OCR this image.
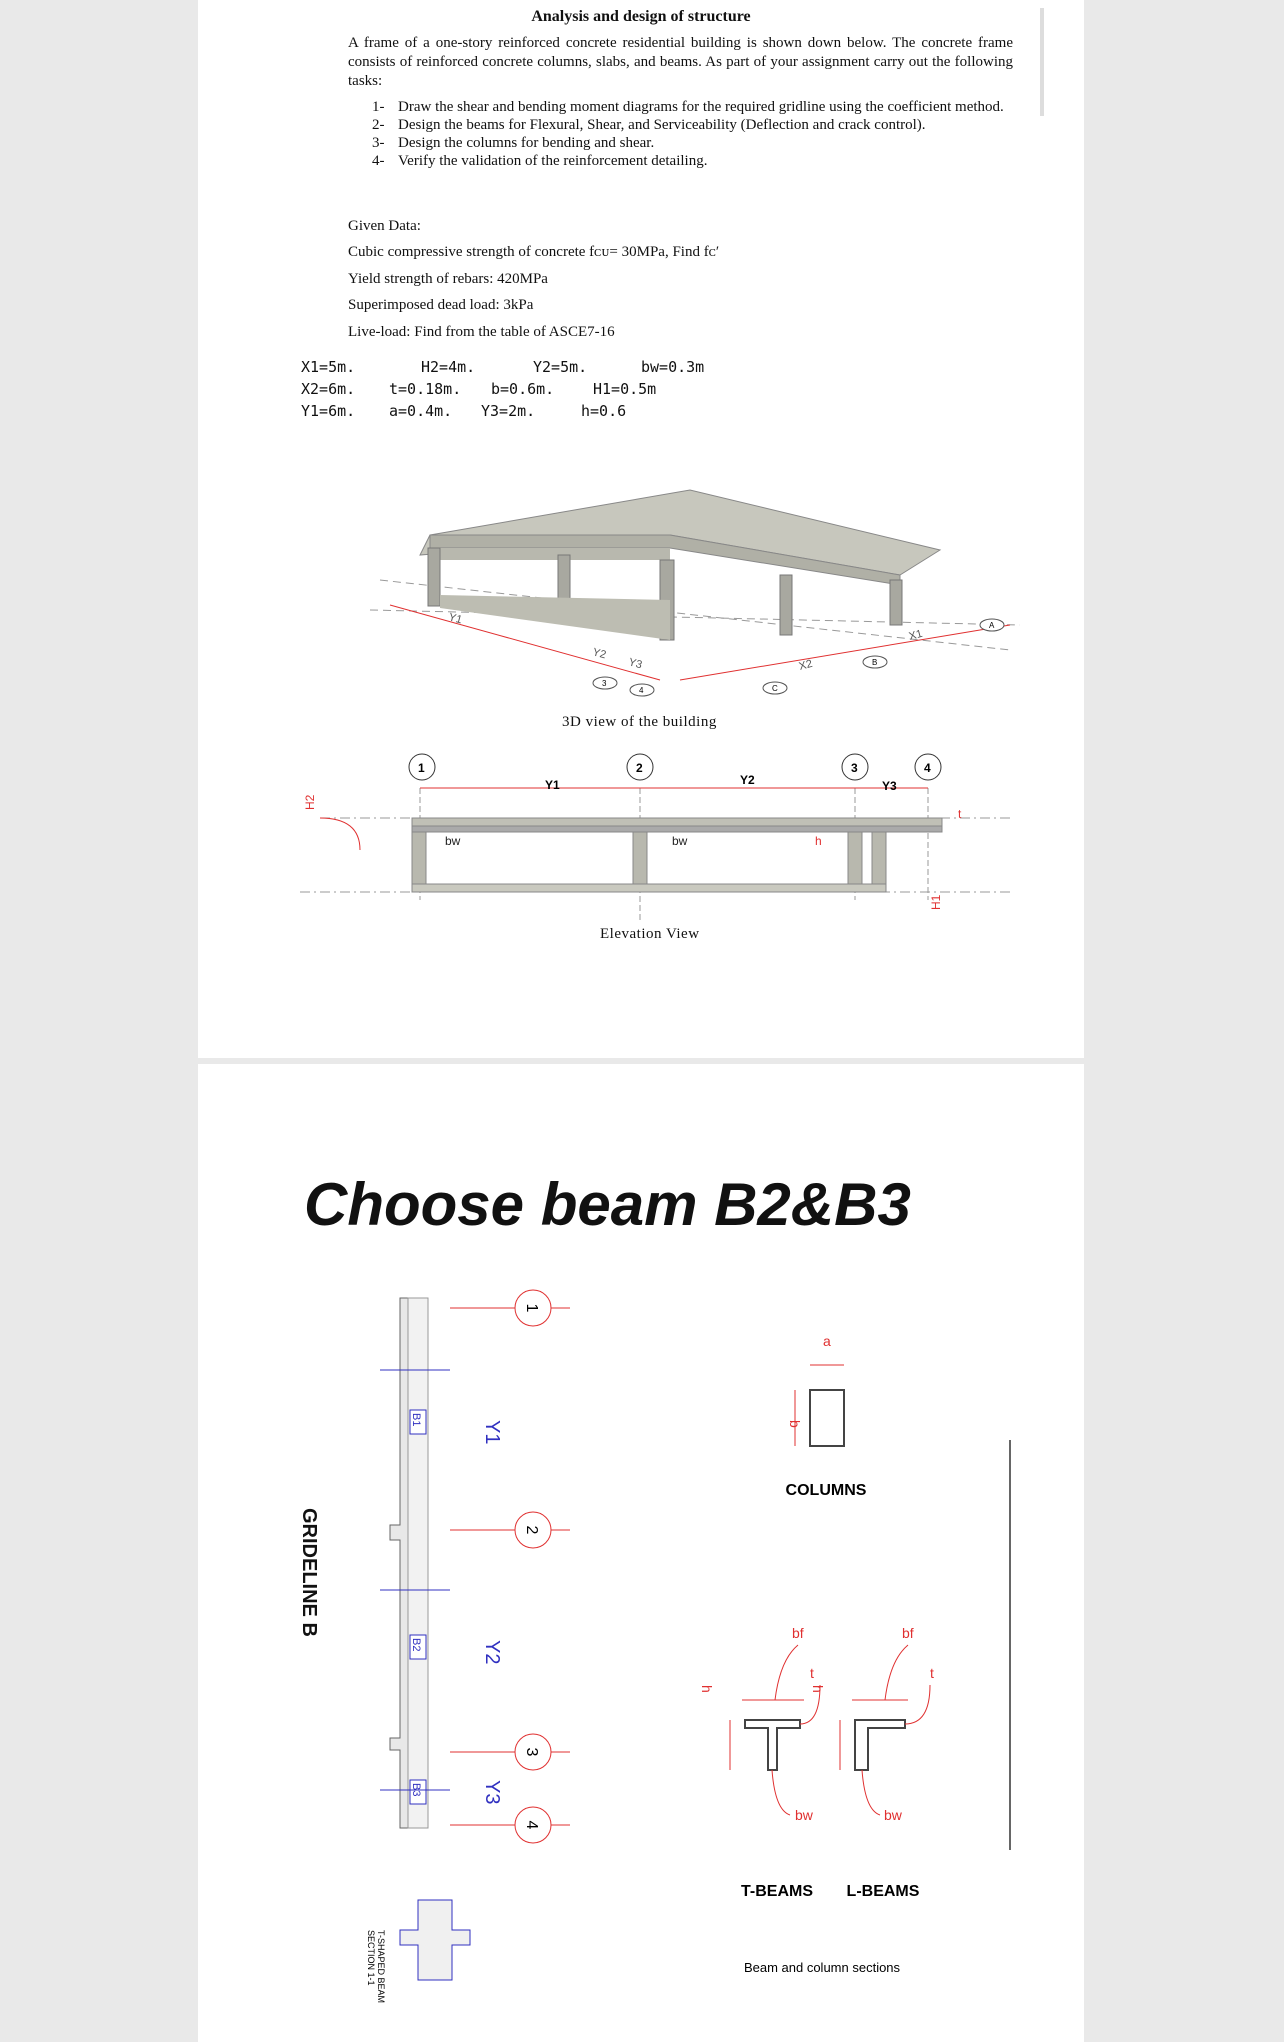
Analysis and design of structure
A frame of a one-story reinforced concrete residential building is shown down below. The concrete frame consists of reinforced concrete columns, slabs, and beams. As part of your assignment carry out the following tasks:
1- Draw the shear and bending moment diagrams for the required gridline using the coefficient method.
2- Design the beams for Flexural, Shear, and Serviceability (Deflection and crack control).
3- Design the columns for bending and shear.
4- Verify the validation of the reinforcement detailing.
Given Data:
Cubic compressive strength of concrete fᴄᴜ= 30MPa, Find fᴄ′
Yield strength of rebars: 420MPa
Superimposed dead load: 3kPa
Live-load: Find from the table of ASCE7-16
X1=5m.	H2=4m.	Y2=5m.	bw=0.3m
X2=6m. t=0.18m. b=0.6m.	H1=0.5m
Y1=6m. a=0.4m. Y3=2m.	h=0.6
Y1
Y2
Y3	X2
X1
3
4	C
B
A
3D view of the building
1	2	3	4
Y1	Y2	Y3
bw	bw	h
t
H2
H1
Elevation View
Choose beam B2&B3
GRIDELINE B
1
2
3
4
Y1
Y2
Y3
B1
B2
B3
SECTION 1-1 T-SHAPED BEAM
a
b
COLUMNS
bf	bf
bw	bw
h	h
t	t
T-BEAMS L-BEAMS
Beam and column sections
